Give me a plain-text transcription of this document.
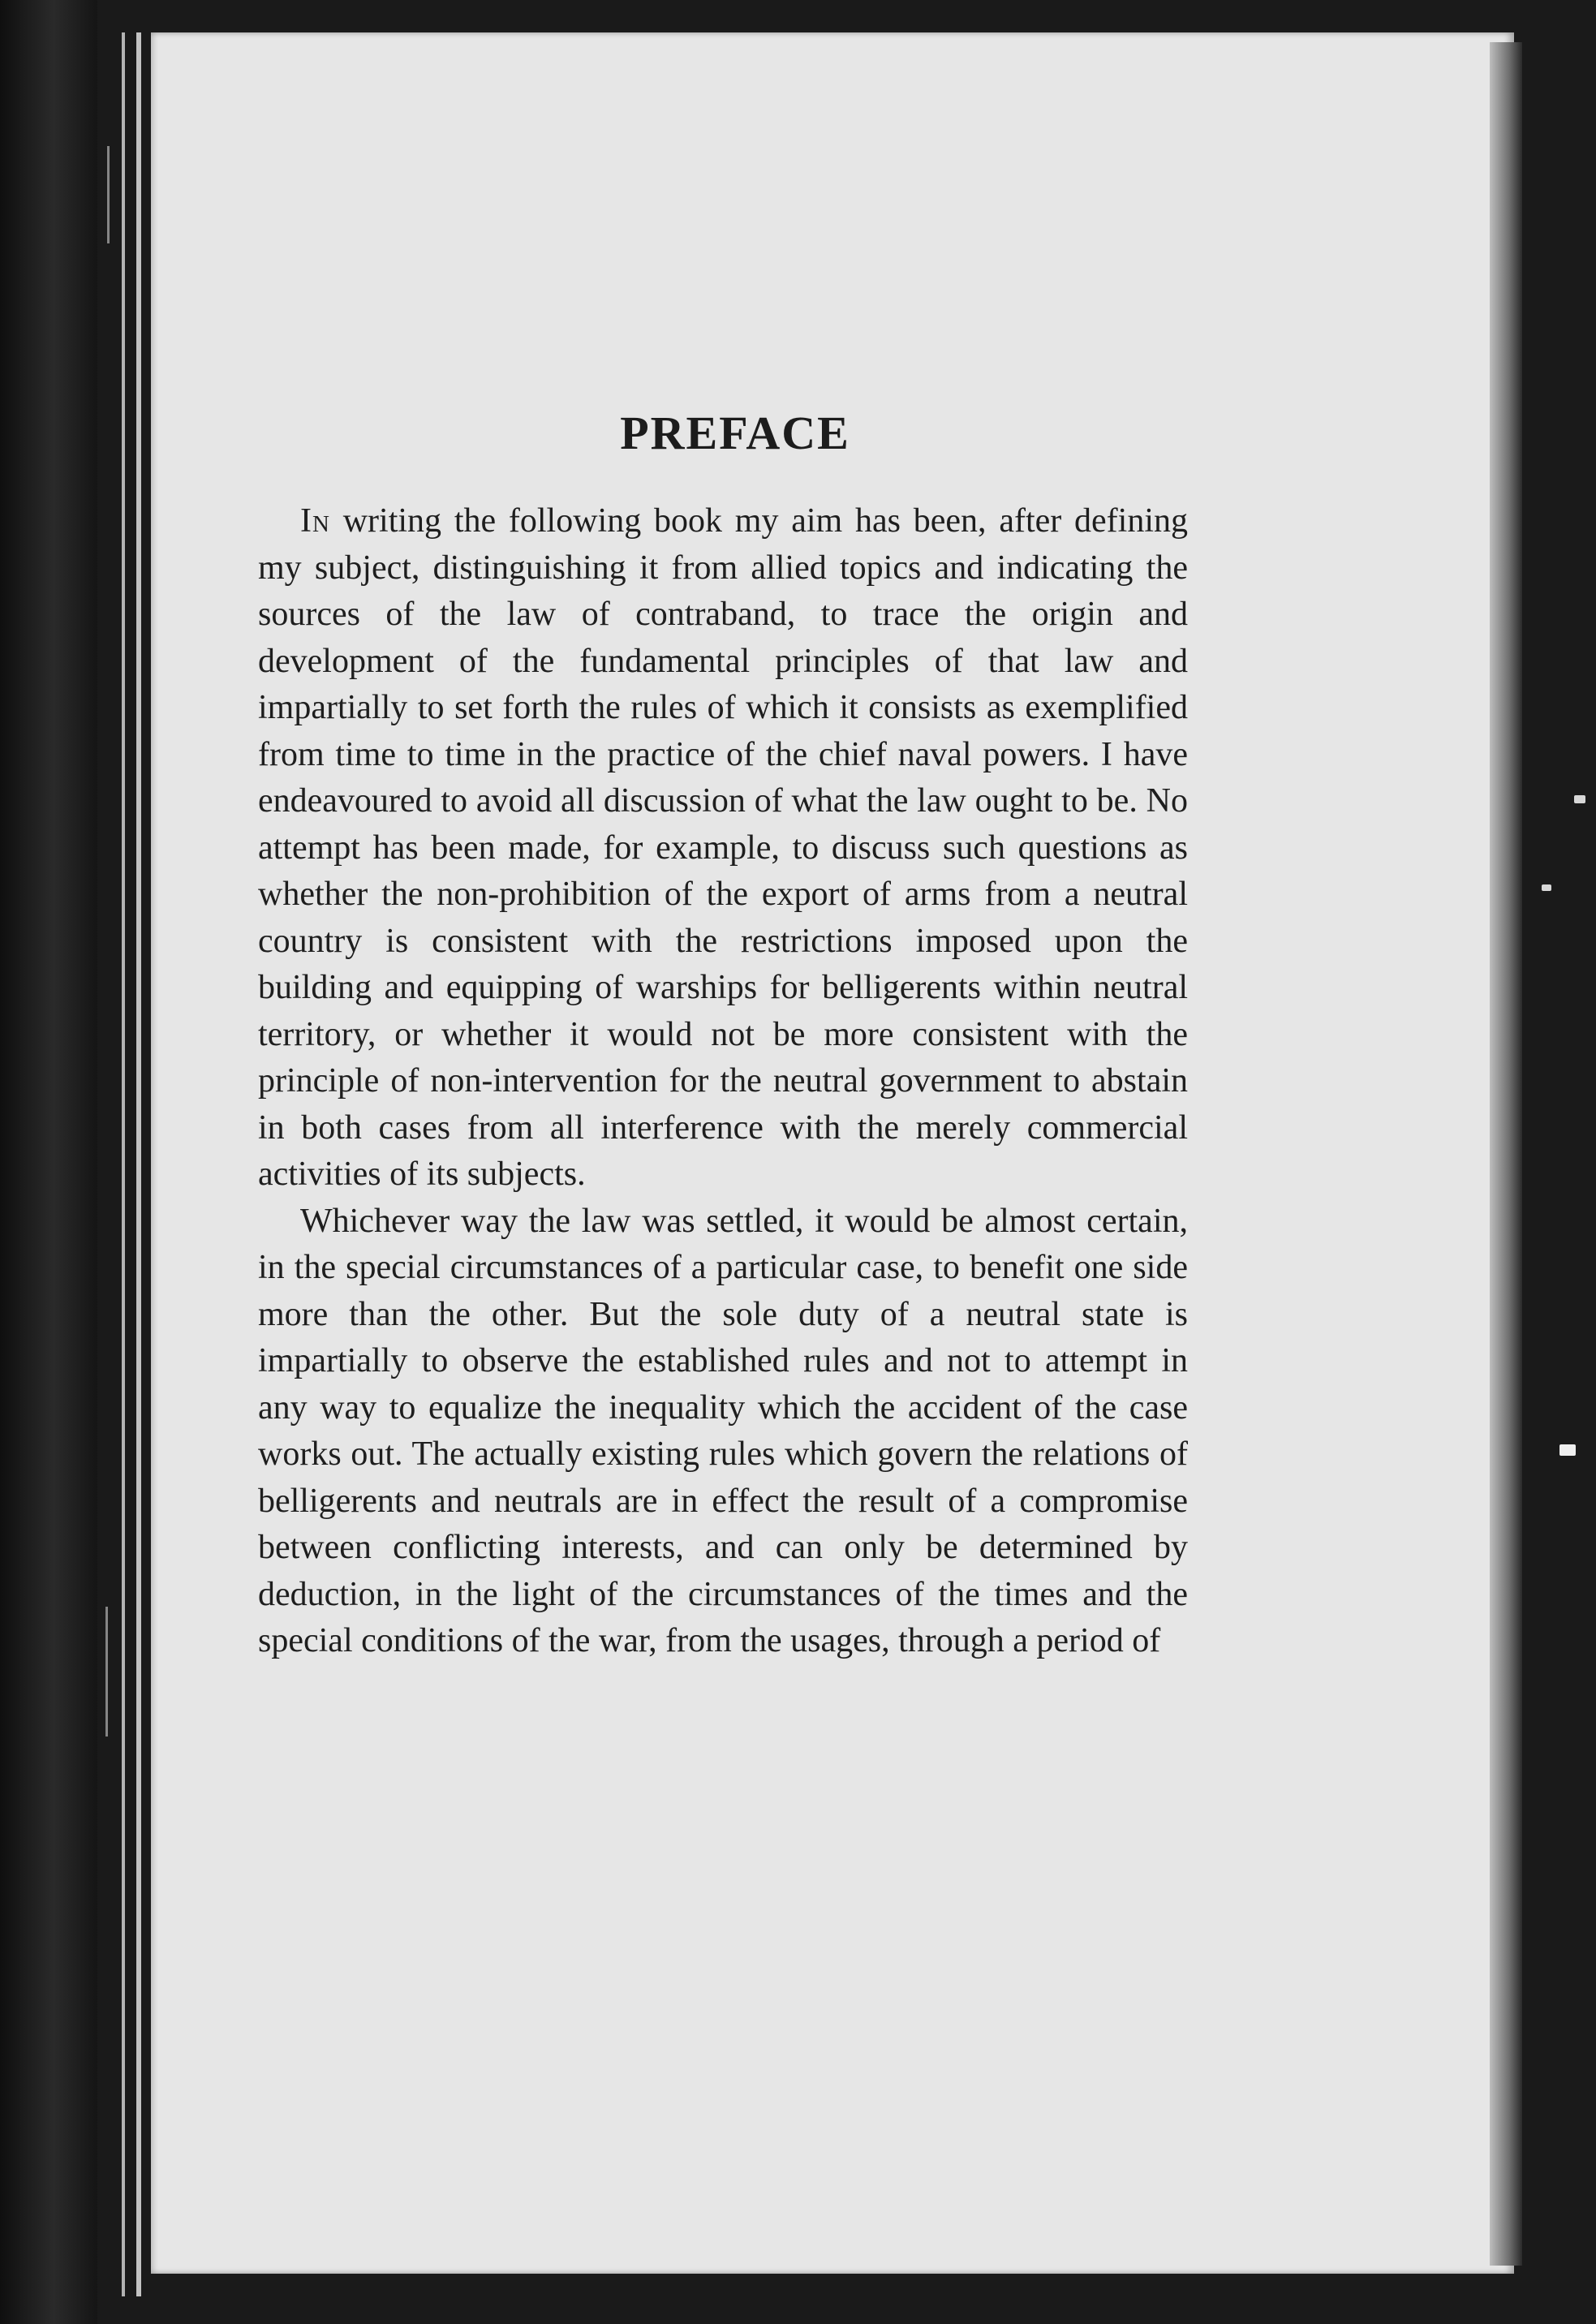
PREFACE

In writing the following book my aim has been, after defining my subject, distinguishing it from allied topics and indicating the sources of the law of contraband, to trace the origin and development of the fundamental principles of that law and impartially to set forth the rules of which it consists as exemplified from time to time in the practice of the chief naval powers. I have endeavoured to avoid all discussion of what the law ought to be. No attempt has been made, for example, to discuss such questions as whether the non-prohibition of the export of arms from a neutral country is consistent with the restrictions imposed upon the building and equipping of warships for belligerents within neutral territory, or whether it would not be more consistent with the principle of non-intervention for the neutral government to abstain in both cases from all interference with the merely commercial activities of its subjects.

Whichever way the law was settled, it would be almost certain, in the special circumstances of a particular case, to benefit one side more than the other. But the sole duty of a neutral state is impartially to observe the established rules and not to attempt in any way to equalize the inequality which the accident of the case works out. The actually existing rules which govern the relations of belligerents and neutrals are in effect the result of a compromise between conflicting interests, and can only be determined by deduction, in the light of the circumstances of the times and the special conditions of the war, from the usages, through a period of
